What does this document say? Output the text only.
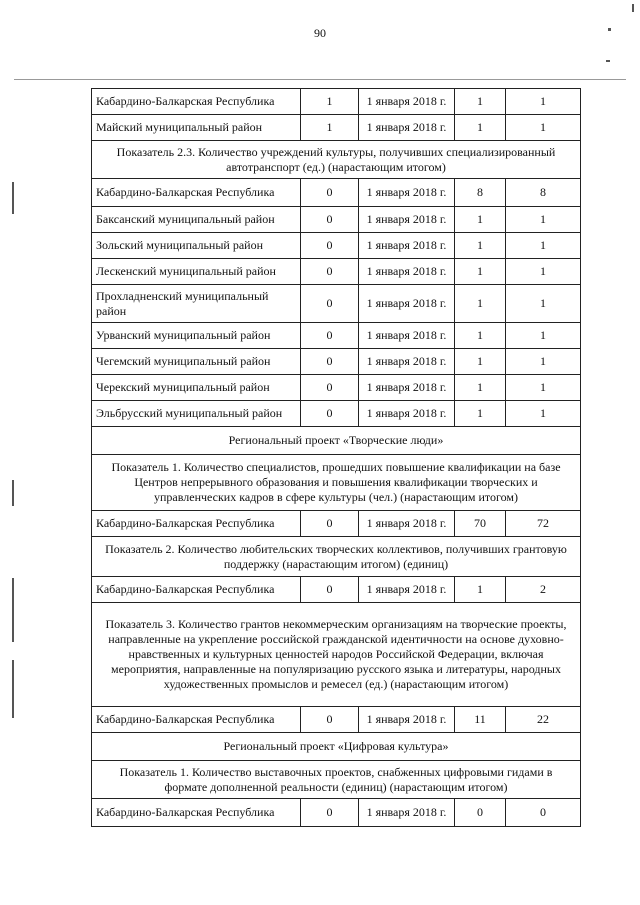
90
Кабардино-Балкарская Республика	1	1 января 2018 г.	1	1
Майский муниципальный район	1	1 января 2018 г.	1	1
Показатель 2.3. Количество учреждений культуры, получивших специализированный автотранспорт (ед.) (нарастающим итогом)				
Кабардино-Балкарская Республика	0	1 января 2018 г.	8	8
Баксанский муниципальный район	0	1 января 2018 г.	1	1
Зольский муниципальный район	0	1 января 2018 г.	1	1
Лескенский муниципальный район	0	1 января 2018 г.	1	1
Прохладненский муниципальный район	0	1 января 2018 г.	1	1
Урванский муниципальный район	0	1 января 2018 г.	1	1
Чегемский муниципальный район	0	1 января 2018 г.	1	1
Черекский муниципальный район	0	1 января 2018 г.	1	1
Эльбрусский муниципальный район	0	1 января 2018 г.	1	1
Региональный проект «Творческие люди»				
Показатель 1. Количество специалистов, прошедших повышение квалификации на базе Центров непрерывного образования и повышения квалификации творческих и управленческих кадров в сфере культуры (чел.) (нарастающим итогом)				
Кабардино-Балкарская Республика	0	1 января 2018 г.	70	72
Показатель 2. Количество любительских творческих коллективов, получивших грантовую поддержку (нарастающим итогом) (единиц)				
Кабардино-Балкарская Республика	0	1 января 2018 г.	1	2
Показатель 3. Количество грантов некоммерческим организациям на творческие проекты, направленные на укрепление российской гражданской идентичности на основе духовно-нравственных и культурных ценностей народов Российской Федерации, включая мероприятия, направленные на популяризацию русского языка и литературы, народных художественных промыслов и ремесел (ед.) (нарастающим итогом)				
Кабардино-Балкарская Республика	0	1 января 2018 г.	11	22
Региональный проект «Цифровая культура»				
Показатель 1. Количество выставочных проектов, снабженных цифровыми гидами в формате дополненной реальности (единиц) (нарастающим итогом)				
Кабардино-Балкарская Республика	0	1 января 2018 г.	0	0
